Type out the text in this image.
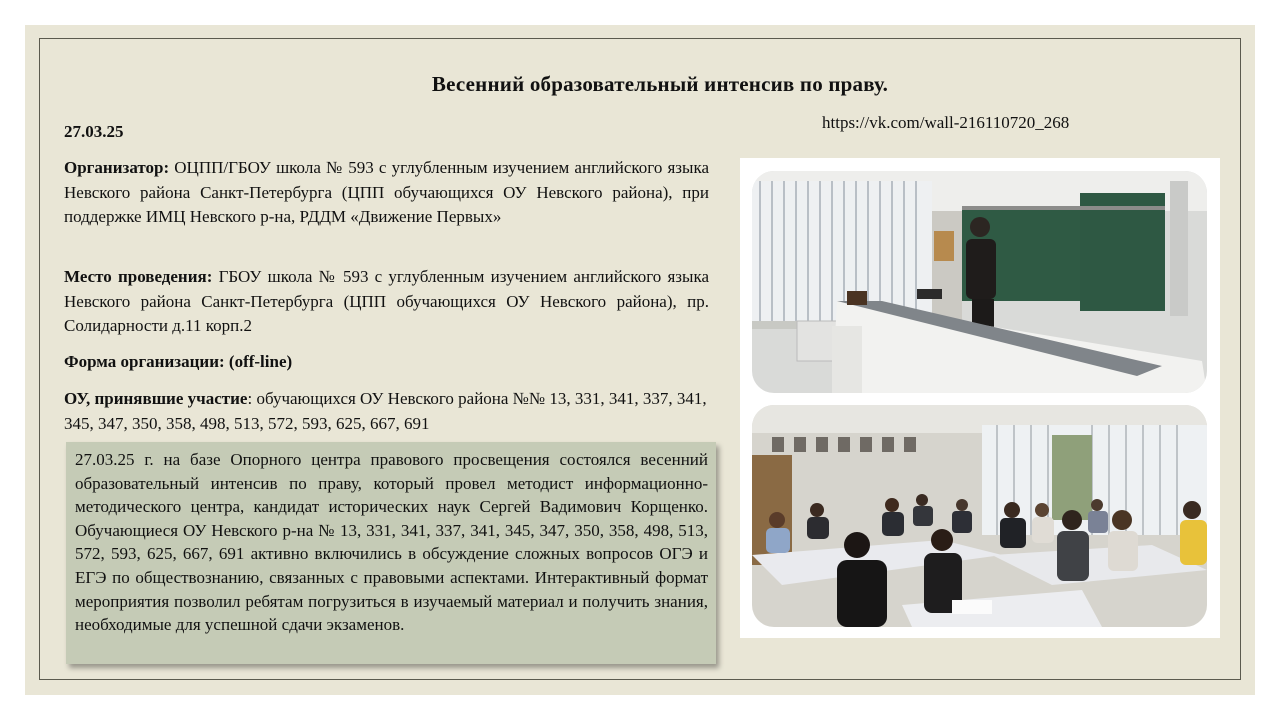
Весенний образовательный интенсив по праву.
27.03.25	https://vk.com/wall-216110720_268
Организатор: ОЦПП/ГБОУ школа № 593 с углубленным изучением английского языка Невского района Санкт-Петербурга (ЦПП обучающихся ОУ Невского района), при поддержке ИМЦ Невского р-на, РДДМ «Движение Первых»
Место проведения: ГБОУ школа № 593 с углубленным изучением английского языка Невского района Санкт-Петербурга (ЦПП обучающихся ОУ Невского района), пр. Солидарности д.11 корп.2
Форма организации: (off-line)
ОУ, принявшие участие: обучающихся ОУ Невского района №№ 13, 331, 341, 337, 341, 345, 347, 350, 358, 498, 513, 572, 593, 625, 667, 691
27.03.25 г. на базе Опорного центра правового просвещения состоялся весенний образовательный интенсив по праву, который провел методист информационно-методического центра, кандидат исторических наук Сергей Вадимович Корщенко. Обучающиеся ОУ Невского р-на № 13, 331, 341, 337, 341, 345, 347, 350, 358, 498, 513, 572, 593, 625, 667, 691 активно включились в обсуждение сложных вопросов ОГЭ и ЕГЭ по обществознанию, связанных с правовыми аспектами. Интерактивный формат мероприятия позволил ребятам погрузиться в изучаемый материал и получить знания, необходимые для успешной сдачи экзаменов.
